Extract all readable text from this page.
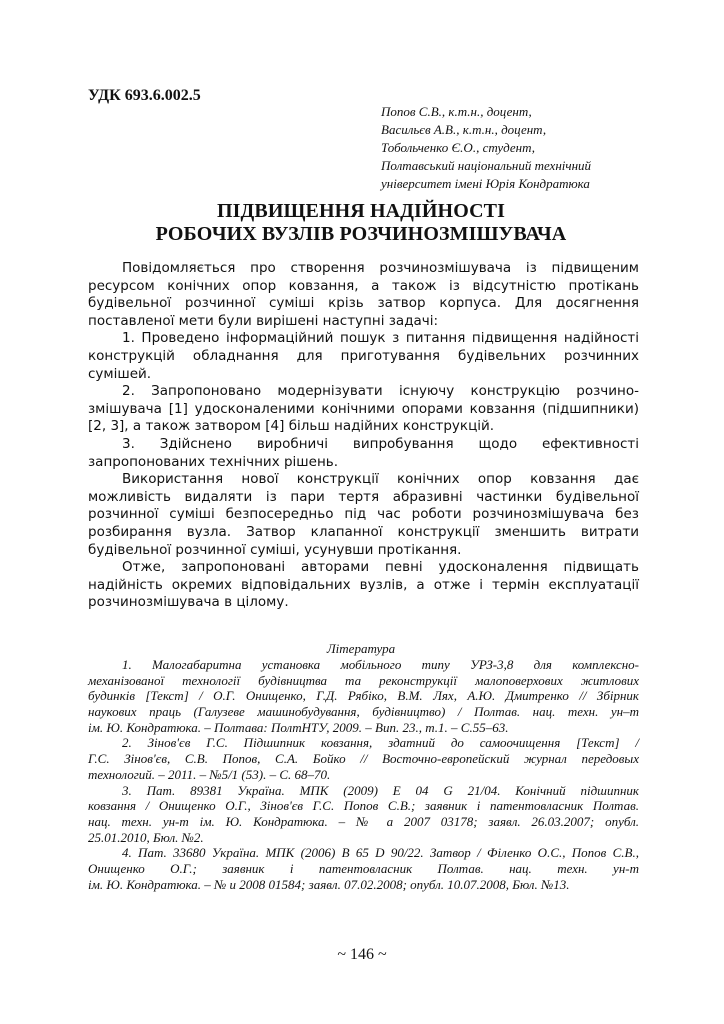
УДК 693.6.002.5
Попов С.В., к.т.н., доцент,
Васильєв А.В., к.т.н., доцент,
Тобольченко Є.О., студент,
Полтавський національний технічний
університет імені Юрія Кондратюка
ПІДВИЩЕННЯ НАДІЙНОСТІ
РОБОЧИХ ВУЗЛІВ РОЗЧИНОЗМІШУВАЧА
Повідомляється про створення розчинозмішувача із підвищеним
ресурсом конічних опор ковзання, а також із відсутністю протікань
будівельної розчинної суміші крізь затвор корпуса. Для досягнення
поставленої мети були вирішені наступні задачі:
1. Проведено інформаційний пошук з питання підвищення надійності
конструкцій обладнання для приготування будівельних розчинних
сумішей.
2. Запропоновано модернізувати існуючу конструкцію розчино-
змішувача [1] удосконаленими конічними опорами ковзання (підшипники)
[2, 3], а також затвором [4] більш надійних конструкцій.
3. Здійснено виробничі випробування щодо ефективності
запропонованих технічних рішень.
Використання нової конструкції конічних опор ковзання дає
можливість видаляти із пари тертя абразивні частинки будівельної
розчинної суміші безпосередньо під час роботи розчинозмішувача без
розбирання вузла. Затвор клапанної конструкції зменшить витрати
будівельної розчинної суміші, усунувши протікання.
Отже, запропоновані авторами певні удосконалення підвищать
надійність окремих відповідальних вузлів, а отже і термін експлуатації
розчинозмішувача в цілому.
Література
1. Малогабаритна установка мобільного типу УРЗ-3,8 для комплексно-
механізованої технології будівництва та реконструкції малоповерхових житлових
будинків [Текст] / О.Г. Онищенко, Г.Д. Рябіко, В.М. Лях, А.Ю. Дмитренко // Збірник
наукових праць (Галузеве машинобудування, будівництво) / Полтав. нац. техн. ун–т
ім. Ю. Кондратюка. – Полтава: ПолтНТУ, 2009. – Вип. 23., т.1. – С.55–63.
2. Зінов'єв Г.С. Підшипник ковзання, здатний до самоочищення [Текст] /
Г.С. Зінов'єв, С.В. Попов, С.А. Бойко // Восточно-европейский журнал передовых
технологий. – 2011. – №5/1 (53). – С. 68–70.
3. Пат. 89381 Україна. МПК (2009) E 04 G 21/04. Конічний підшипник
ковзання / Онищенко О.Г., Зінов'єв Г.С. Попов С.В.; заявник і патентовласник Полтав.
нац. техн. ун-т ім. Ю. Кондратюка. – № а 2007 03178; заявл. 26.03.2007; опубл.
25.01.2010, Бюл. №2.
4. Пат. 33680 Україна. МПК (2006) B 65 D 90/22. Затвор / Філенко О.С., Попов С.В.,
Онищенко О.Г.; заявник і патентовласник Полтав. нац. техн. ун-т
ім. Ю. Кондратюка. – № u 2008 01584; заявл. 07.02.2008; опубл. 10.07.2008, Бюл. №13.
~ 146 ~
